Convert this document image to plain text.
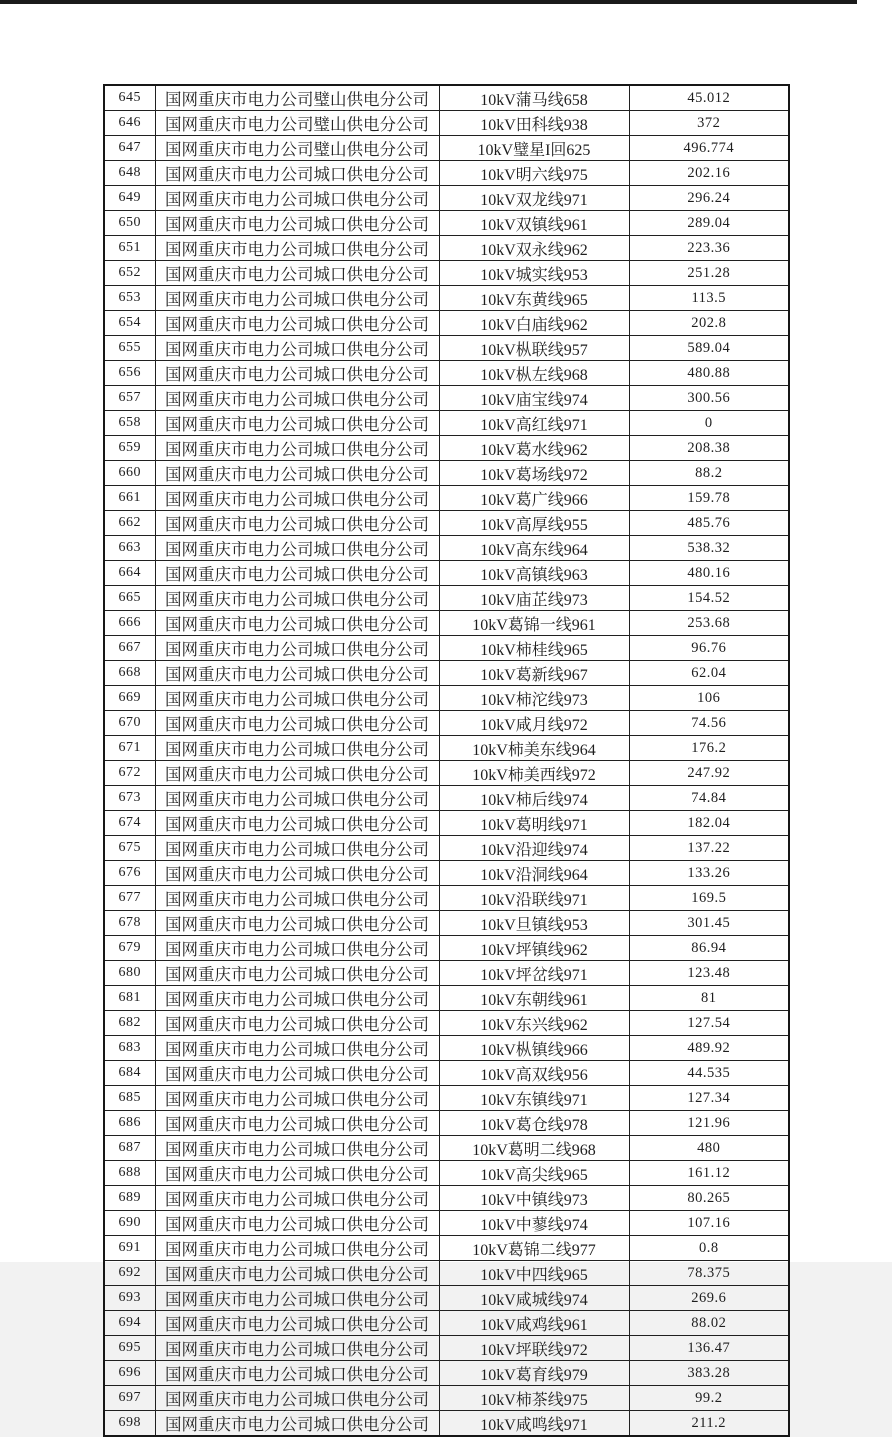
645	国网重庆市电力公司璧山供电分公司	10kV蒲马线658	45.012
646	国网重庆市电力公司璧山供电分公司	10kV田科线938	372
647	国网重庆市电力公司璧山供电分公司	10kV璧星I回625	496.774
648	国网重庆市电力公司城口供电分公司	10kV明六线975	202.16
649	国网重庆市电力公司城口供电分公司	10kV双龙线971	296.24
650	国网重庆市电力公司城口供电分公司	10kV双镇线961	289.04
651	国网重庆市电力公司城口供电分公司	10kV双永线962	223.36
652	国网重庆市电力公司城口供电分公司	10kV城实线953	251.28
653	国网重庆市电力公司城口供电分公司	10kV东黄线965	113.5
654	国网重庆市电力公司城口供电分公司	10kV白庙线962	202.8
655	国网重庆市电力公司城口供电分公司	10kV枞联线957	589.04
656	国网重庆市电力公司城口供电分公司	10kV枞左线968	480.88
657	国网重庆市电力公司城口供电分公司	10kV庙宝线974	300.56
658	国网重庆市电力公司城口供电分公司	10kV高红线971	0
659	国网重庆市电力公司城口供电分公司	10kV葛水线962	208.38
660	国网重庆市电力公司城口供电分公司	10kV葛场线972	88.2
661	国网重庆市电力公司城口供电分公司	10kV葛广线966	159.78
662	国网重庆市电力公司城口供电分公司	10kV高厚线955	485.76
663	国网重庆市电力公司城口供电分公司	10kV高东线964	538.32
664	国网重庆市电力公司城口供电分公司	10kV高镇线963	480.16
665	国网重庆市电力公司城口供电分公司	10kV庙芷线973	154.52
666	国网重庆市电力公司城口供电分公司	10kV葛锦一线961	253.68
667	国网重庆市电力公司城口供电分公司	10kV柿桂线965	96.76
668	国网重庆市电力公司城口供电分公司	10kV葛新线967	62.04
669	国网重庆市电力公司城口供电分公司	10kV柿沱线973	106
670	国网重庆市电力公司城口供电分公司	10kV咸月线972	74.56
671	国网重庆市电力公司城口供电分公司	10kV柿美东线964	176.2
672	国网重庆市电力公司城口供电分公司	10kV柿美西线972	247.92
673	国网重庆市电力公司城口供电分公司	10kV柿后线974	74.84
674	国网重庆市电力公司城口供电分公司	10kV葛明线971	182.04
675	国网重庆市电力公司城口供电分公司	10kV沿迎线974	137.22
676	国网重庆市电力公司城口供电分公司	10kV沿洞线964	133.26
677	国网重庆市电力公司城口供电分公司	10kV沿联线971	169.5
678	国网重庆市电力公司城口供电分公司	10kV旦镇线953	301.45
679	国网重庆市电力公司城口供电分公司	10kV坪镇线962	86.94
680	国网重庆市电力公司城口供电分公司	10kV坪岔线971	123.48
681	国网重庆市电力公司城口供电分公司	10kV东朝线961	81
682	国网重庆市电力公司城口供电分公司	10kV东兴线962	127.54
683	国网重庆市电力公司城口供电分公司	10kV枞镇线966	489.92
684	国网重庆市电力公司城口供电分公司	10kV高双线956	44.535
685	国网重庆市电力公司城口供电分公司	10kV东镇线971	127.34
686	国网重庆市电力公司城口供电分公司	10kV葛仓线978	121.96
687	国网重庆市电力公司城口供电分公司	10kV葛明二线968	480
688	国网重庆市电力公司城口供电分公司	10kV高尖线965	161.12
689	国网重庆市电力公司城口供电分公司	10kV中镇线973	80.265
690	国网重庆市电力公司城口供电分公司	10kV中蓼线974	107.16
691	国网重庆市电力公司城口供电分公司	10kV葛锦二线977	0.8
692	国网重庆市电力公司城口供电分公司	10kV中四线965	78.375
693	国网重庆市电力公司城口供电分公司	10kV咸城线974	269.6
694	国网重庆市电力公司城口供电分公司	10kV咸鸡线961	88.02
695	国网重庆市电力公司城口供电分公司	10kV坪联线972	136.47
696	国网重庆市电力公司城口供电分公司	10kV葛育线979	383.28
697	国网重庆市电力公司城口供电分公司	10kV柿茶线975	99.2
698	国网重庆市电力公司城口供电分公司	10kV咸鸣线971	211.2
